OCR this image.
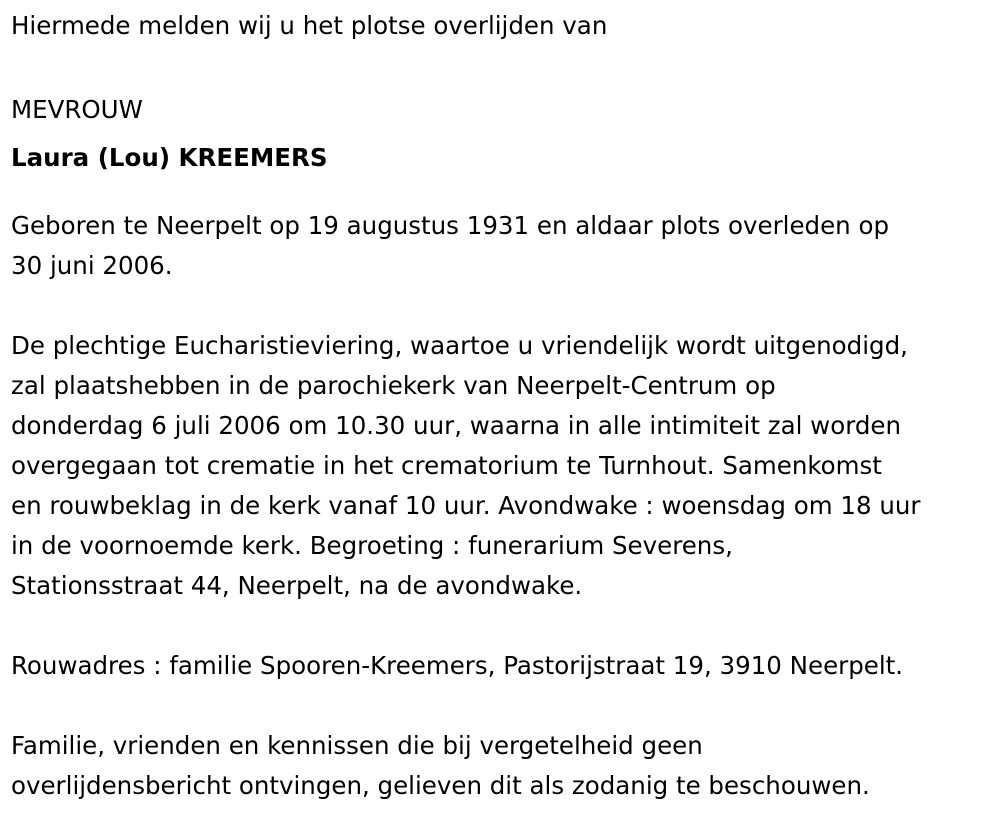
Hiermede melden wij u het plotse overlijden van
MEVROUW
Laura (Lou) KREEMERS
Geboren te Neerpelt op 19 augustus 1931 en aldaar plots overleden op
30 juni 2006.
De plechtige Eucharistieviering, waartoe u vriendelijk wordt uitgenodigd,
zal plaatshebben in de parochiekerk van Neerpelt-Centrum op
donderdag 6 juli 2006 om 10.30 uur, waarna in alle intimiteit zal worden
overgegaan tot crematie in het crematorium te Turnhout. Samenkomst
en rouwbeklag in de kerk vanaf 10 uur. Avondwake : woensdag om 18 uur
in de voornoemde kerk. Begroeting : funerarium Severens,
Stationsstraat 44, Neerpelt, na de avondwake.
Rouwadres : familie Spooren-Kreemers, Pastorijstraat 19, 3910 Neerpelt.
Familie, vrienden en kennissen die bij vergetelheid geen
overlijdensbericht ontvingen, gelieven dit als zodanig te beschouwen.
